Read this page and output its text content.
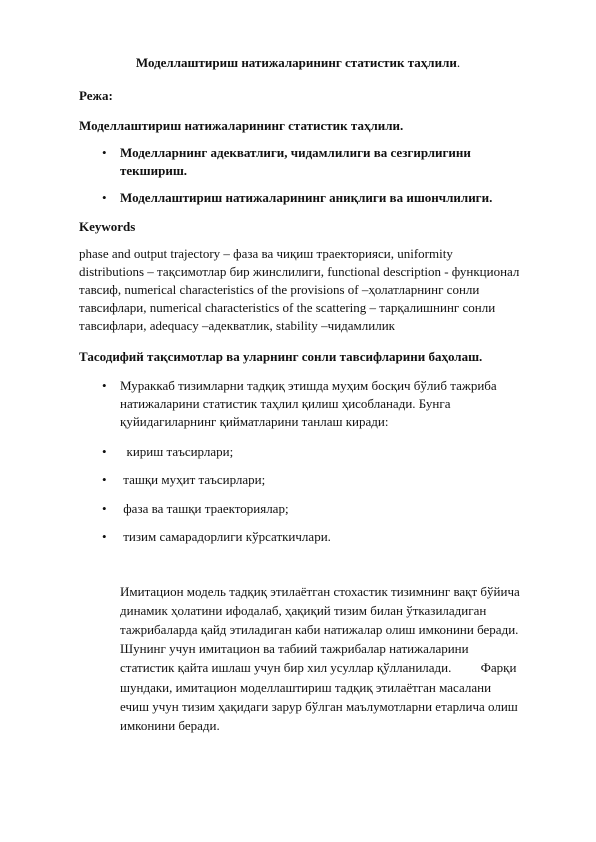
Моделлаштириш натижаларининг статистик таҳлили.
Режа:
Моделлаштириш натижаларининг статистик таҳлили.
• Моделларнинг адекватлиги, чидамлилиги ва сезгирлигини
текшириш.
• Моделлаштириш натижаларининг аниқлиги ва ишончлилиги.
Keywords
phase and output trajectory – фаза ва чиқиш траекторияси, uniformity
distributions – тақсимотлар бир жинслилиги, functional description - функционал
тавсиф, numerical characteristics of the provisions of –ҳолатларнинг сонли
тавсифлари, numerical characteristics of the scattering – тарқалишнинг сонли
тавсифлари, adequacy –адекватлик, stability –чидамлилик
Тасодифий тақсимотлар ва уларнинг сонли тавсифларини баҳолаш.
• Мураккаб тизимларни тадқиқ этишда муҳим босқич бўлиб тажриба
натижаларини статистик таҳлил қилиш ҳисобланади. Бунга
қуйидагиларнинг қийматларини танлаш киради:
• кириш таъсирлари;
• ташқи муҳит таъсирлари;
• фаза ва ташқи траекториялар;
• тизим самарадорлиги кўрсаткичлари.
Имитацион модель тадқиқ этилаётган стохастик тизимнинг вақт бўйича
динамик ҳолатини ифодалаб, ҳақиқий тизим билан ўтказиладиган
тажрибаларда қайд этиладиган каби натижалар олиш имконини беради.
Шунинг учун имитацион ва табиий тажрибалар натижаларини
статистик қайта ишлаш учун бир хил усуллар қўлланилади.         Фарқи
шундаки, имитацион моделлаштириш тадқиқ этилаётган масалани
ечиш учун тизим ҳақидаги зарур бўлган маълумотларни етарлича олиш
имконини беради.
